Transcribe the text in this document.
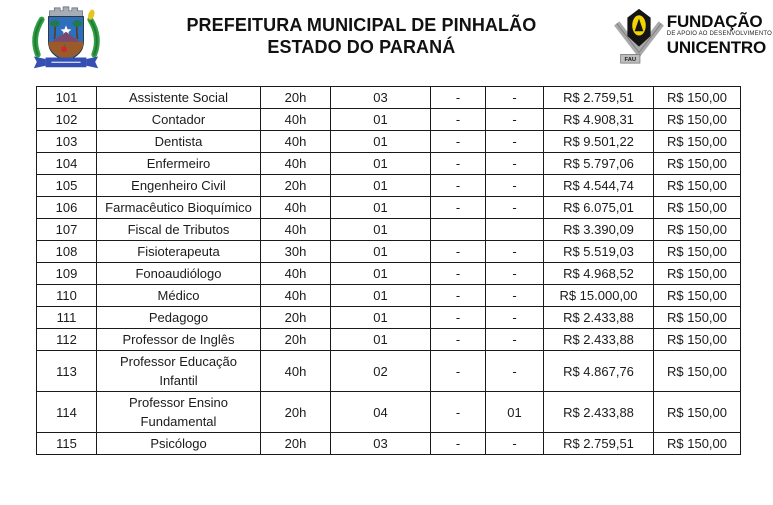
PREFEITURA MUNICIPAL DE PINHALÃO
ESTADO DO PARANÁ
FAU
FUNDAÇÃO
DE APOIO AO DESENVOLVIMENTO
UNICENTRO
101	Assistente Social	20h	03	-	-	R$ 2.759,51	R$ 150,00
102	Contador	40h	01	-	-	R$ 4.908,31	R$ 150,00
103	Dentista	40h	01	-	-	R$ 9.501,22	R$ 150,00
104	Enfermeiro	40h	01	-	-	R$ 5.797,06	R$ 150,00
105	Engenheiro Civil	20h	01	-	-	R$ 4.544,74	R$ 150,00
106	Farmacêutico Bioquímico	40h	01	-	-	R$ 6.075,01	R$ 150,00
107	Fiscal de Tributos	40h	01			R$ 3.390,09	R$ 150,00
108	Fisioterapeuta	30h	01	-	-	R$ 5.519,03	R$ 150,00
109	Fonoaudiólogo	40h	01	-	-	R$ 4.968,52	R$ 150,00
110	Médico	40h	01	-	-	R$ 15.000,00	R$ 150,00
111	Pedagogo	20h	01	-	-	R$ 2.433,88	R$ 150,00
112	Professor de Inglês	20h	01	-	-	R$ 2.433,88	R$ 150,00
113	Professor Educação Infantil	40h	02	-	-	R$ 4.867,76	R$ 150,00
114	Professor Ensino Fundamental	20h	04	-	01	R$ 2.433,88	R$ 150,00
115	Psicólogo	20h	03	-	-	R$ 2.759,51	R$ 150,00
